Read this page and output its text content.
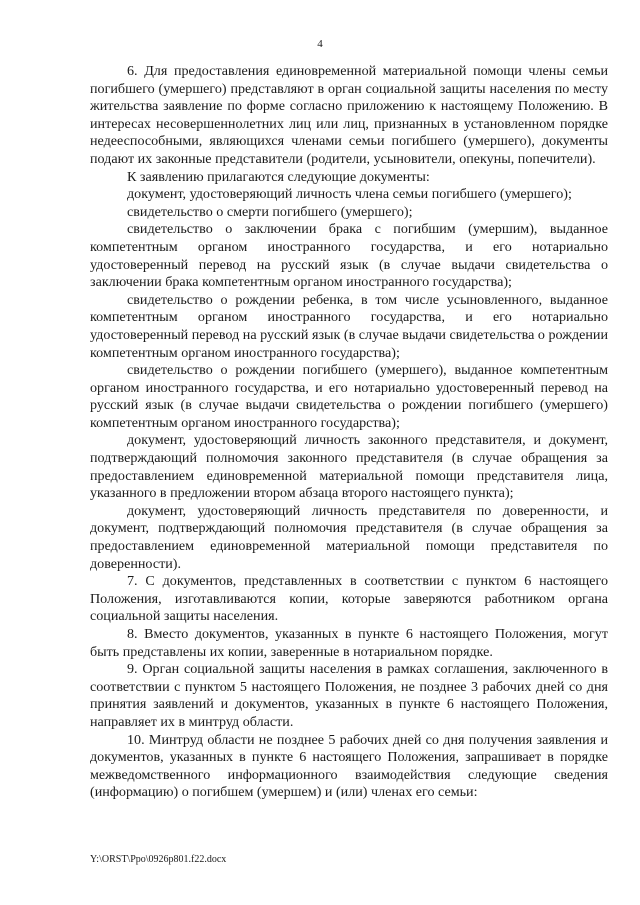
4

6. Для предоставления единовременной материальной помощи члены семьи погибшего (умершего) представляют в орган социальной защиты населения по месту жительства заявление по форме согласно приложению к настоящему Положению. В интересах несовершеннолетних лиц или лиц, признанных в установленном порядке недееспособными, являющихся членами семьи погибшего (умершего), документы подают их законные представители (родители, усыновители, опекуны, попечители).

К заявлению прилагаются следующие документы:

документ, удостоверяющий личность члена семьи погибшего (умершего);

свидетельство о смерти погибшего (умершего);

свидетельство о заключении брака с погибшим (умершим), выданное компетентным органом иностранного государства, и его нотариально удостоверенный перевод на русский язык (в случае выдачи свидетельства о заключении брака компетентным органом иностранного государства);

свидетельство о рождении ребенка, в том числе усыновленного, выданное компетентным органом иностранного государства, и его нотариально удостоверенный перевод на русский язык (в случае выдачи свидетельства о рождении компетентным органом иностранного государства);

свидетельство о рождении погибшего (умершего), выданное компетентным органом иностранного государства, и его нотариально удостоверенный перевод на русский язык (в случае выдачи свидетельства о рождении погибшего (умершего) компетентным органом иностранного государства);

документ, удостоверяющий личность законного представителя, и документ, подтверждающий полномочия законного представителя (в случае обращения за предоставлением единовременной материальной помощи представителя лица, указанного в предложении втором абзаца второго настоящего пункта);

документ, удостоверяющий личность представителя по доверенности, и документ, подтверждающий полномочия представителя (в случае обращения за предоставлением единовременной материальной помощи представителя по доверенности).

7. С документов, представленных в соответствии с пунктом 6 настоящего Положения, изготавливаются копии, которые заверяются работником органа социальной защиты населения.

8. Вместо документов, указанных в пункте 6 настоящего Положения, могут быть представлены их копии, заверенные в нотариальном порядке.

9. Орган социальной защиты населения в рамках соглашения, заключенного в соответствии с пунктом 5 настоящего Положения, не позднее 3 рабочих дней со дня принятия заявлений и документов, указанных в пункте 6 настоящего Положения, направляет их в минтруд области.

10. Минтруд области не позднее 5 рабочих дней со дня получения заявления и документов, указанных в пункте 6 настоящего Положения, запрашивает в порядке межведомственного информационного взаимодействия следующие сведения (информацию) о погибшем (умершем) и (или) членах его семьи:

Y:\ORST\Ppo\0926p801.f22.docx
